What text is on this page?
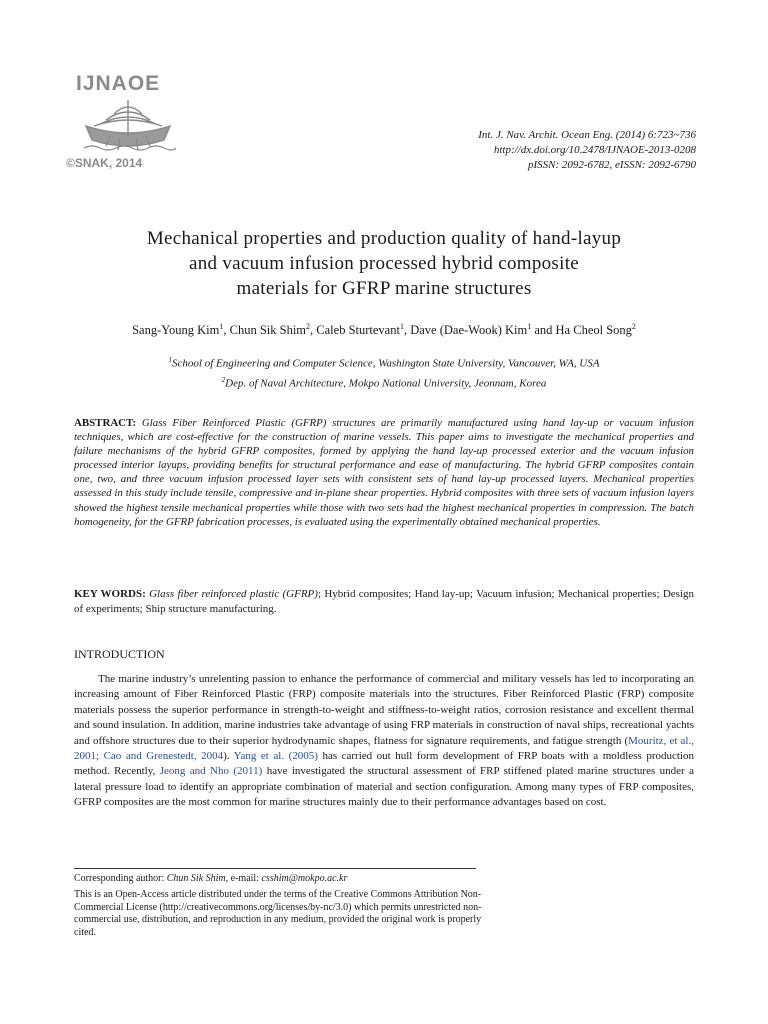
IJNAOE
©SNAK, 2014
Int. J. Nav. Archit. Ocean Eng. (2014) 6:723~736
http://dx.doi.org/10.2478/IJNAOE-2013-0208
pISSN: 2092-6782, eISSN: 2092-6790
Mechanical properties and production quality of hand-layup
and vacuum infusion processed hybrid composite
materials for GFRP marine structures
Sang-Young Kim$^1$, Chun Sik Shim$^2$, Caleb Sturtevant$^1$, Dave (Dae-Wook) Kim$^1$ and Ha Cheol Song$^2$
$^1$School of Engineering and Computer Science, Washington State University, Vancouver, WA, USA
$^2$Dep. of Naval Architecture, Mokpo National University, Jeonnam, Korea
ABSTRACT: Glass Fiber Reinforced Plastic (GFRP) structures are primarily manufactured using hand lay-up or vacuum infusion techniques, which are cost-effective for the construction of marine vessels. This paper aims to investigate the mechanical properties and failure mechanisms of the hybrid GFRP composites, formed by applying the hand lay-up processed exterior and the vacuum infusion processed interior layups, providing benefits for structural performance and ease of manufacturing. The hybrid GFRP composites contain one, two, and three vacuum infusion processed layer sets with consistent sets of hand lay-up processed layers. Mechanical properties assessed in this study include tensile, compressive and in-plane shear properties. Hybrid composites with three sets of vacuum infusion layers showed the highest tensile mechanical properties while those with two sets had the highest mechanical properties in compression. The batch homogeneity, for the GFRP fabrication processes, is evaluated using the experimentally obtained mechanical properties.
KEY WORDS: Glass fiber reinforced plastic (GFRP); Hybrid composites; Hand lay-up; Vacuum infusion; Mechanical properties; Design of experiments; Ship structure manufacturing.
INTRODUCTION
The marine industry’s unrelenting passion to enhance the performance of commercial and military vessels has led to incorporating an increasing amount of Fiber Reinforced Plastic (FRP) composite materials into the structures. Fiber Reinforced Plastic (FRP) composite materials possess the superior performance in strength-to-weight and stiffness-to-weight ratios, corrosion resistance and excellent thermal and sound insulation. In addition, marine industries take advantage of using FRP materials in construction of naval ships, recreational yachts and offshore structures due to their superior hydrodynamic shapes, flatness for signature requirements, and fatigue strength (Mouritz, et al., 2001; Cao and Grenestedt, 2004). Yang et al. (2005) has carried out hull form development of FRP boats with a moldless production method. Recently, Jeong and Nho (2011) have investigated the structural assessment of FRP stiffened plated marine structures under a lateral pressure load to identify an appropriate combination of material and section configuration. Among many types of FRP composites, GFRP composites are the most common for marine structures mainly due to their performance advantages based on cost.
Corresponding author: Chun Sik Shim, e-mail: csshim@mokpo.ac.kr
This is an Open-Access article distributed under the terms of the Creative Commons Attribution Non-Commercial License (http://creativecommons.org/licenses/by-nc/3.0) which permits unrestricted non-commercial use, distribution, and reproduction in any medium, provided the original work is properly cited.
